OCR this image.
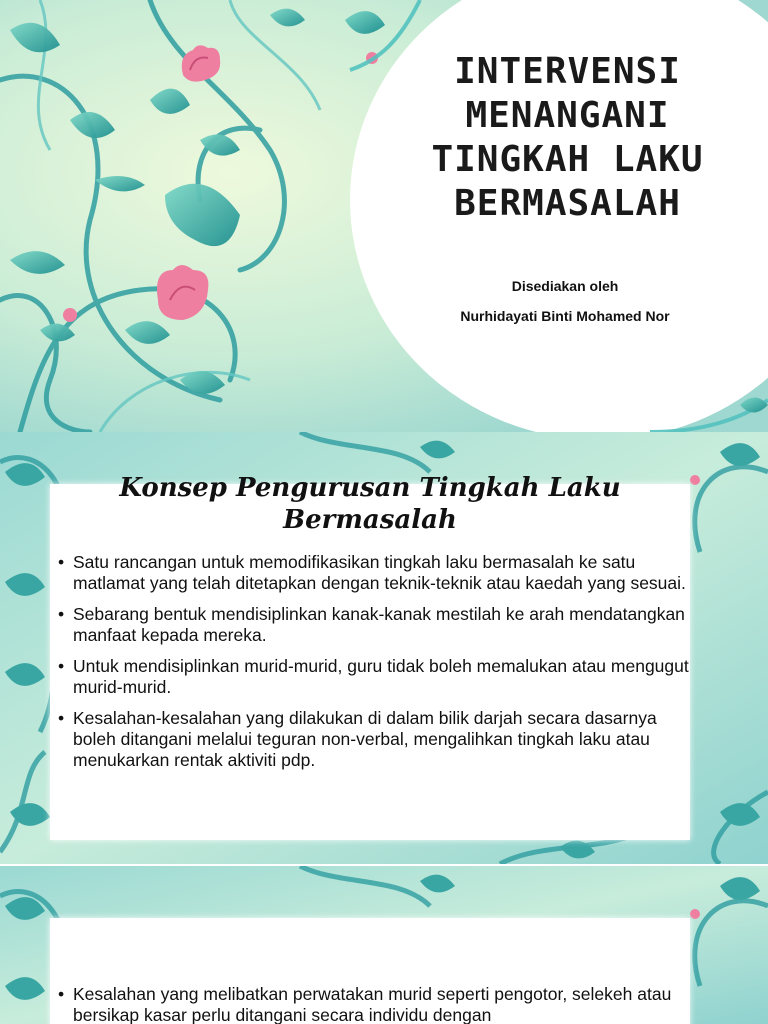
INTERVENSI
MENANGANI
TINGKAH LAKU
BERMASALAH
Disediakan oleh
Nurhidayati Binti Mohamed Nor
Konsep Pengurusan Tingkah Laku Bermasalah
• Satu rancangan untuk memodifikasikan tingkah laku bermasalah ke satu matlamat yang telah ditetapkan dengan teknik-teknik atau kaedah yang sesuai.
• Sebarang bentuk mendisiplinkan kanak-kanak mestilah ke arah mendatangkan manfaat kepada mereka.
• Untuk mendisiplinkan murid-murid, guru tidak boleh memalukan atau mengugut murid-murid.
• Kesalahan-kesalahan yang dilakukan di dalam bilik darjah secara dasarnya boleh ditangani melalui teguran non-verbal, mengalihkan tingkah laku atau menukarkan rentak aktiviti pdp.
• Kesalahan yang melibatkan perwatakan murid seperti pengotor, selekeh atau bersikap kasar perlu ditangani secara individu dengan
